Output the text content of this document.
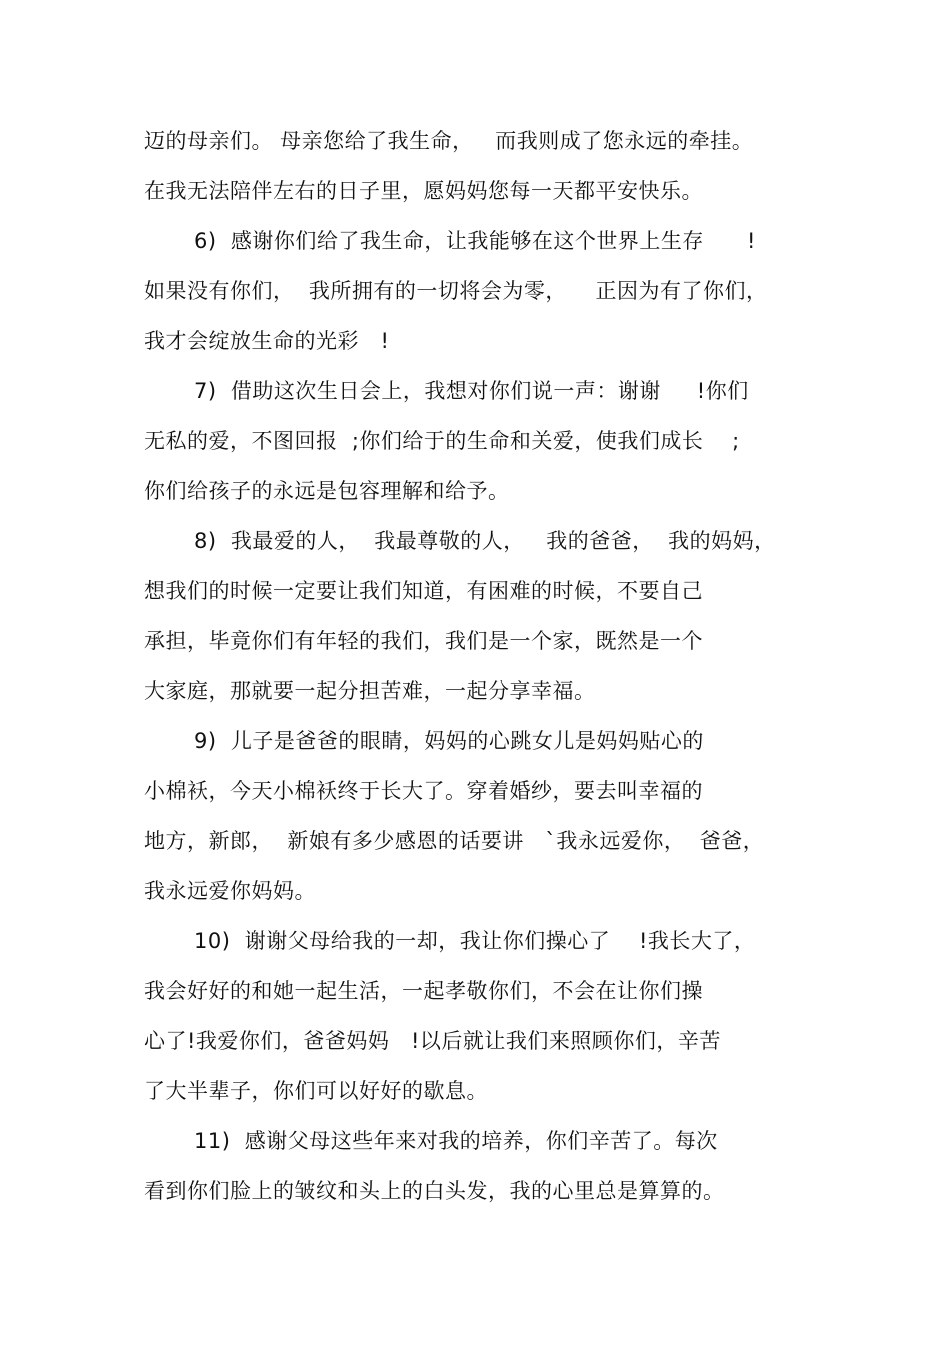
迈的母亲们。 母亲您给了我生命，   而我则成了您永远的牵挂。
在我无法陪伴左右的日子里，愿妈妈您每一天都平安快乐。
6)  感谢你们给了我生命，让我能够在这个世界上生存      !
如果没有你们，  我所拥有的一切将会为零，    正因为有了你们，
我才会绽放生命的光彩   !
7)  借助这次生日会上，我想对你们说一声：谢谢     !你们
无私的爱，不图回报  ;你们给于的生命和关爱，使我们成长    ;
你们给孩子的永远是包容理解和给予。
8)  我最爱的人，  我最尊敬的人，   我的爸爸，  我的妈妈，
想我们的时候一定要让我们知道，有困难的时候，不要自己
承担，毕竟你们有年轻的我们，我们是一个家，既然是一个
大家庭，那就要一起分担苦难，一起分享幸福。
9)  儿子是爸爸的眼睛，妈妈的心跳女儿是妈妈贴心的
小棉袄，今天小棉袄终于长大了。穿着婚纱，要去叫幸福的
地方，新郎，  新娘有多少感恩的话要讲   `我永远爱你，  爸爸，
我永远爱你妈妈。
10)  谢谢父母给我的一却，我让你们操心了    !我长大了，
我会好好的和她一起生活，一起孝敬你们，不会在让你们操
心了!我爱你们，爸爸妈妈   !以后就让我们来照顾你们，辛苦
了大半辈子，你们可以好好的歇息。
11)  感谢父母这些年来对我的培养，你们辛苦了。每次
看到你们脸上的皱纹和头上的白头发，我的心里总是算算的。
